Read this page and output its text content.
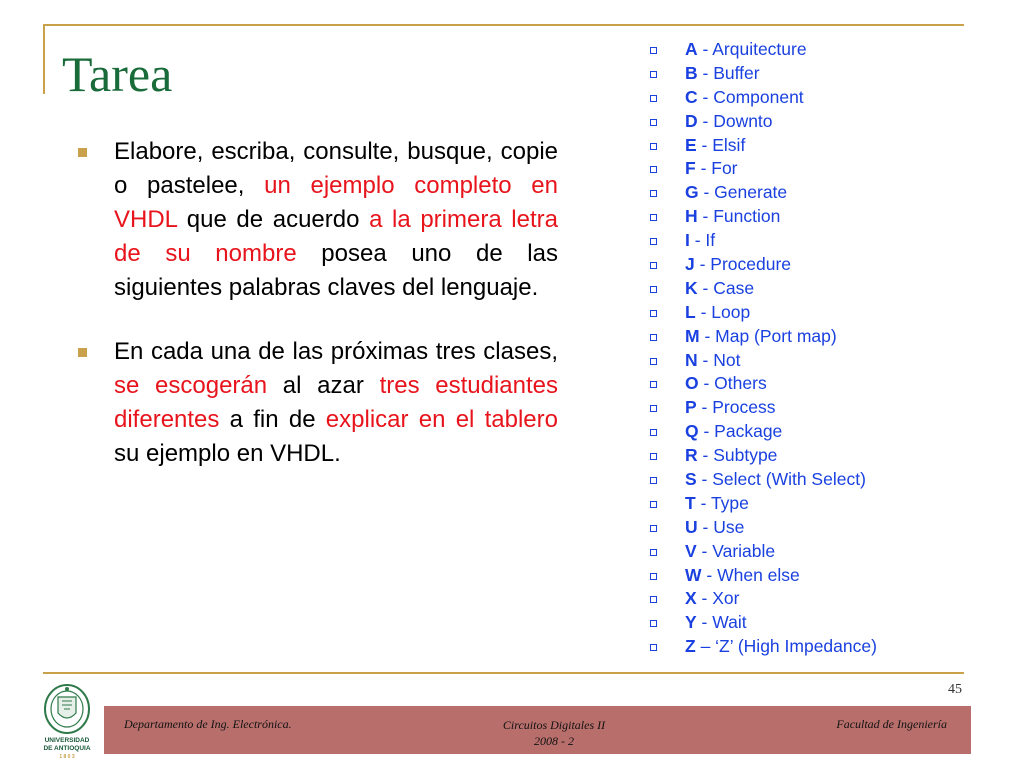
Tarea
Elabore, escriba, consulte, busque, copie o pastelee, un ejemplo completo en VHDL que de acuerdo a la primera letra de su nombre posea uno de las siguientes palabras claves del lenguaje.
En cada una de las próximas tres clases, se escogerán al azar tres estudiantes diferentes a fin de explicar en el tablero su ejemplo en VHDL.
A - Arquitecture
B - Buffer
C - Component
D - Downto
E - Elsif
F - For
G - Generate
H - Function
I - If
J - Procedure
K - Case
L - Loop
M - Map (Port map)
N - Not
O - Others
P - Process
Q - Package
R - Subtype
S - Select (With Select)
T - Type
U - Use
V - Variable
W - When else
X - Xor
Y - Wait
Z – ‘Z’ (High Impedance)
45
UNIVERSIDAD
DE ANTIOQUIA
1 8 0 3
Departamento de Ing. Electrónica.	Circuitos Digitales II
2008 - 2
Facultad de Ingeniería
